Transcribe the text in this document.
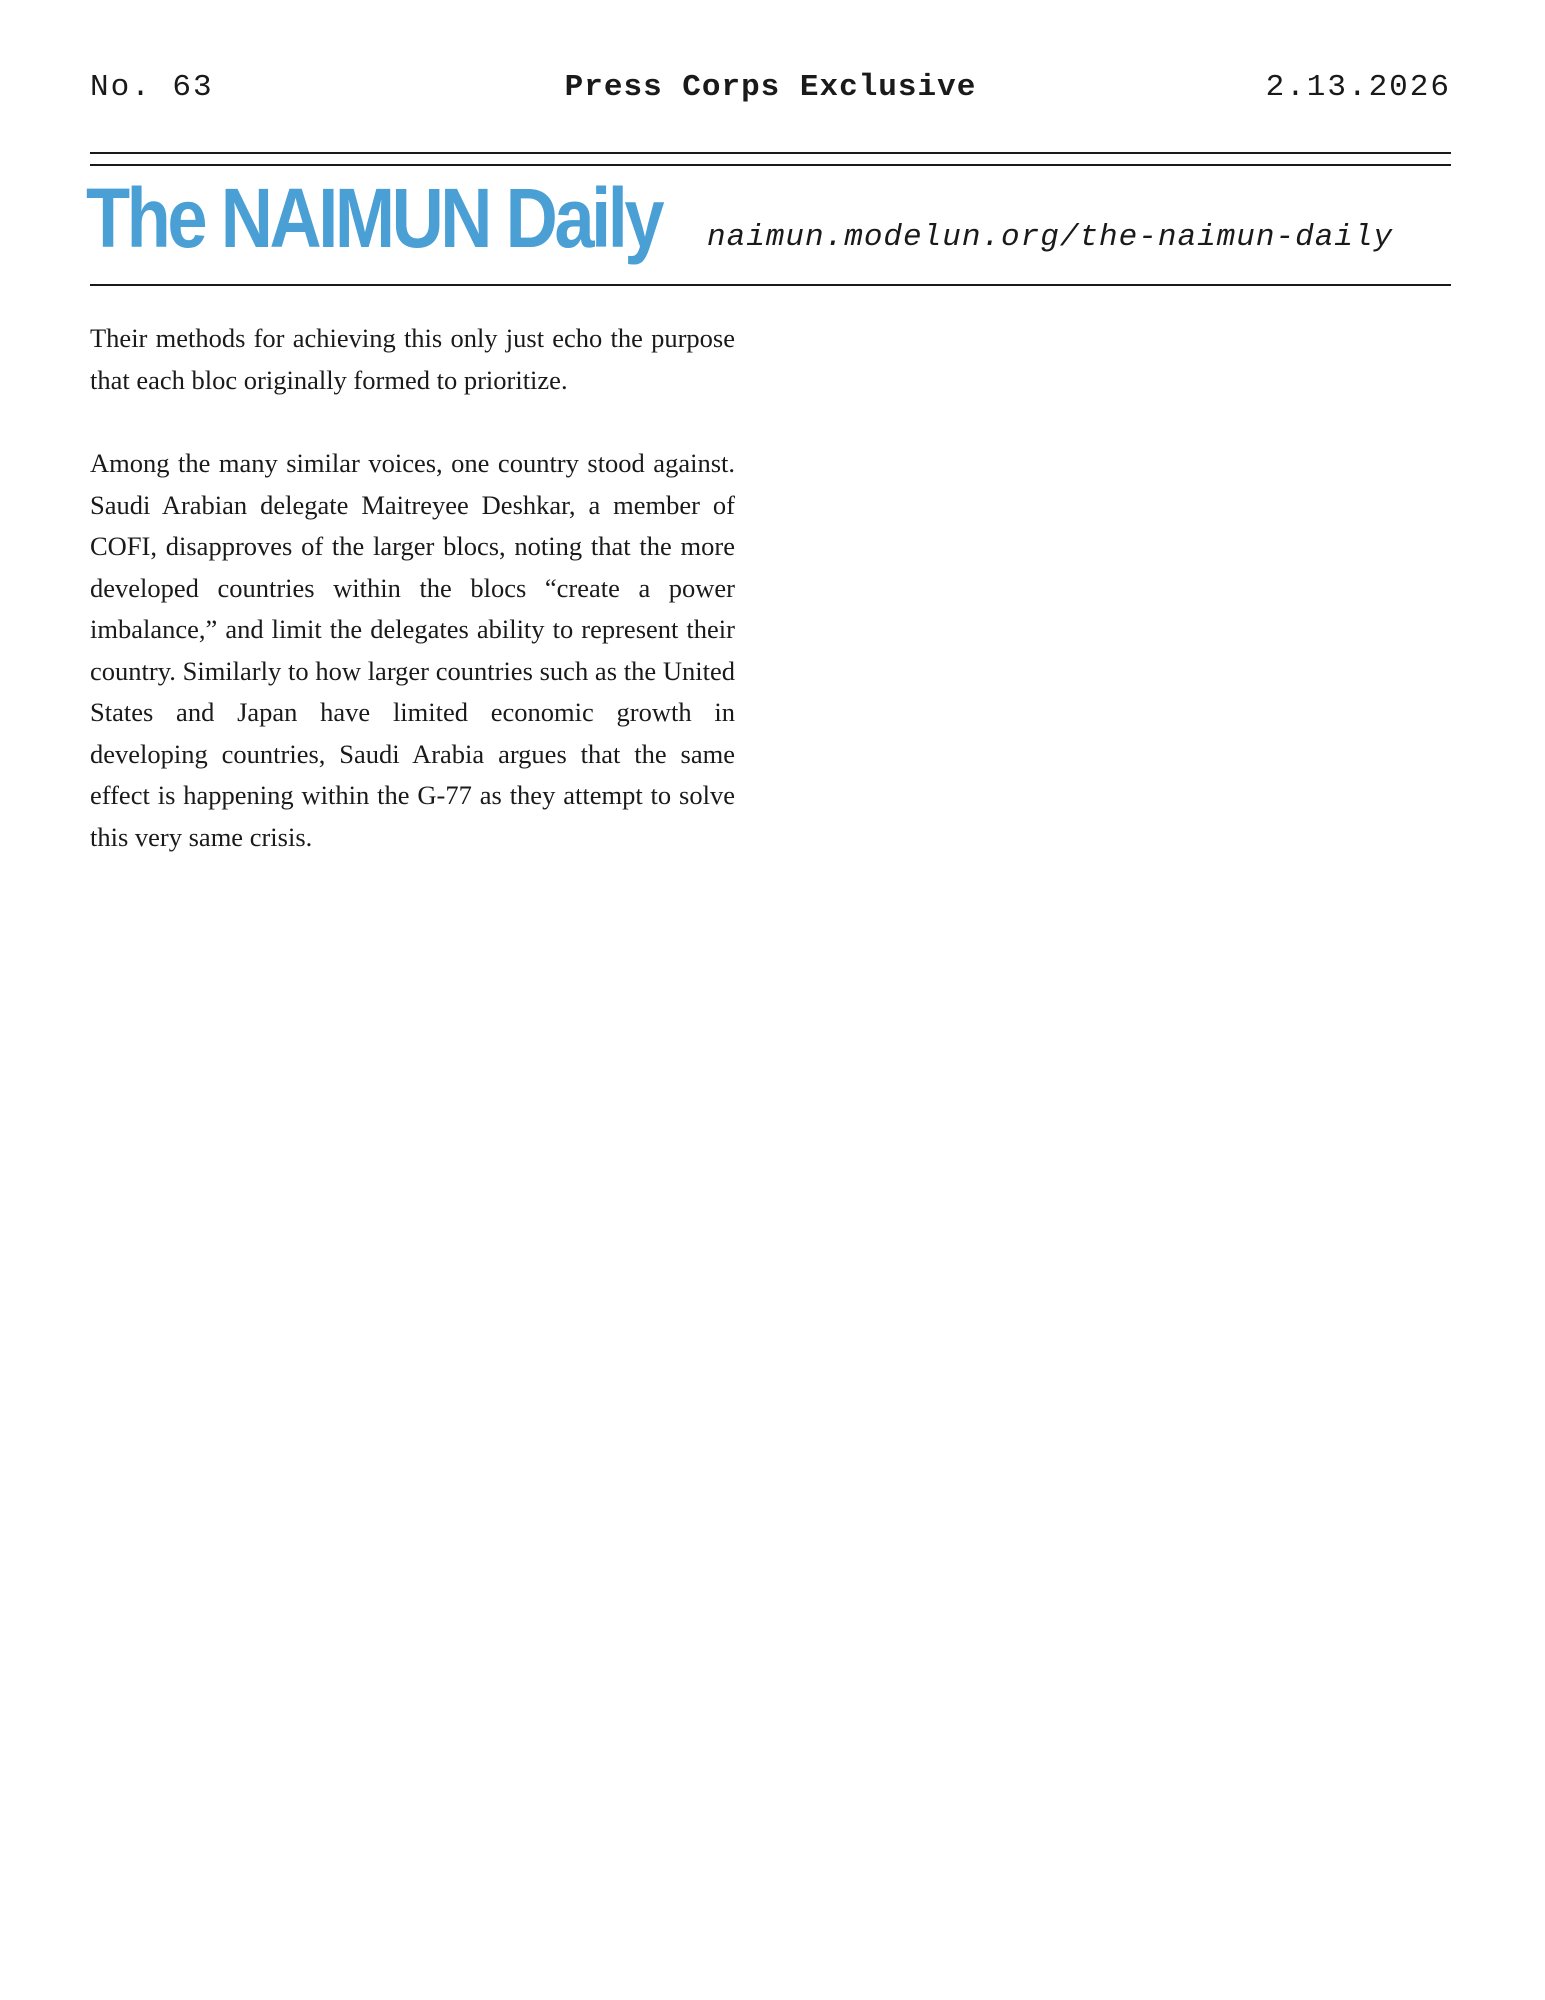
No. 63	Press Corps Exclusive	2.13.2026
The NAIMUN Daily naimun.modelun.org/the-naimun-daily

Their methods for achieving this only just echo the purpose that each bloc originally formed to prioritize.

Among the many similar voices, one country stood against. Saudi Arabian delegate Maitreyee Deshkar, a member of COFI, disapproves of the larger blocs, noting that the more developed countries within the blocs “create a power imbalance,” and limit the delegates ability to represent their country. Similarly to how larger countries such as the United States and Japan have limited economic growth in developing countries, Saudi Arabia argues that the same effect is happening within the G-77 as they attempt to solve this very same crisis.
